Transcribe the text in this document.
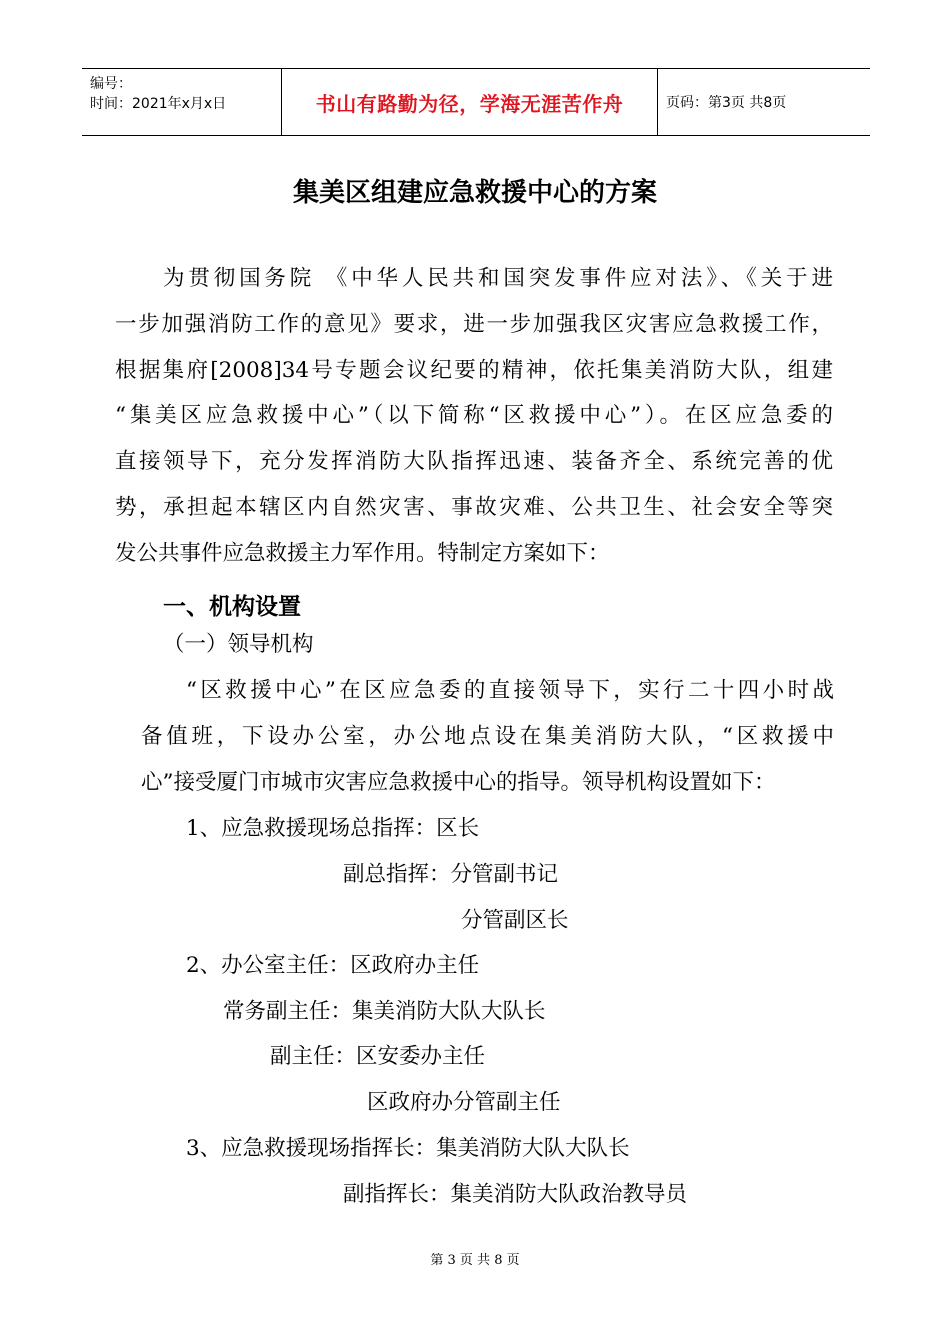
编号：
时间：2021年x月x日	书山有路勤为径，学海无涯苦作舟	页码：第3页 共8页
集美区组建应急救援中心的方案
为贯彻国务院 《中华人民共和国突发事件应对法》、《关于进
一步加强消防工作的意见》要求，进一步加强我区灾害应急救援工作，
根据集府[2008]34号专题会议纪要的精神，依托集美消防大队，组建
“集美区应急救援中心”（以下简称“区救援中心”）。在区应急委的
直接领导下，充分发挥消防大队指挥迅速、装备齐全、系统完善的优
势，承担起本辖区内自然灾害、事故灾难、公共卫生、社会安全等突
发公共事件应急救援主力军作用。特制定方案如下：
一、机构设置
（一）领导机构
“区救援中心”在区应急委的直接领导下，实行二十四小时战
备值班，下设办公室，办公地点设在集美消防大队，“区救援中
心”接受厦门市城市灾害应急救援中心的指导。领导机构设置如下：
1、应急救援现场总指挥：区长
副总指挥：分管副书记
分管副区长
2、办公室主任：区政府办主任
常务副主任：集美消防大队大队长
副主任：区安委办主任
区政府办分管副主任
3、应急救援现场指挥长：集美消防大队大队长
副指挥长：集美消防大队政治教导员
第 3 页 共 8 页
